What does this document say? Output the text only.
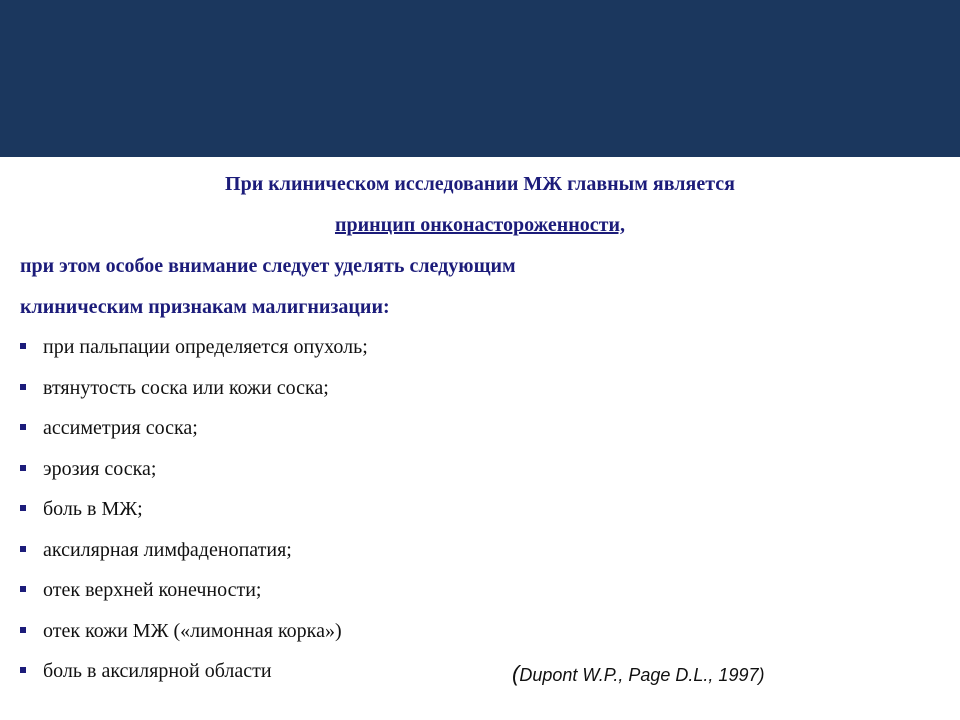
При клиническом исследовании МЖ главным является
принцип онконастороженности,
при этом особое внимание следует уделять следующим
клиническим признакам малигнизации:
при пальпации определяется опухоль;
втянутость соска или кожи соска;
ассиметрия соска;
эрозия соска;
боль в МЖ;
аксилярная лимфаденопатия;
отек верхней конечности;
отек кожи МЖ («лимонная корка»)
боль в аксилярной области	(Dupont W.P., Page D.L., 1997)
